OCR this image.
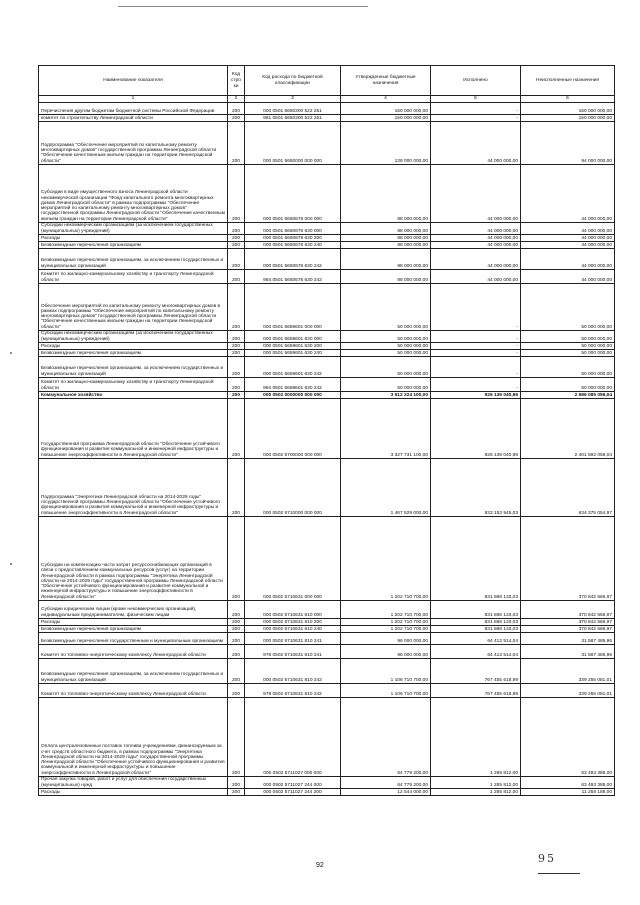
Наименование показателя	Код стро ки	Код расхода по бюджетной классификации	Утвержденные бюджетные назначения	Исполнено	Неисполненные назначения
1	2	3	4	5	6
Перечисления другим бюджетам бюджетной системы Российской Федерации	200	000 0501 5650300 522 251	150 000 000,00	-	150 000 000,00
комитет по строительству Ленинградской области	200	981 0501 5650300 522 251	150 000 000,00	-	150 000 000,00
Подпрограмма "Обеспечение мероприятий по капитальному ремонту многоквартирных домов" государственной программы Ленинградской области "Обеспечение качественным жильем граждан на территории Ленинградской области"	200	000 0501 5650000 000 000	138 000 000,00	44 000 000,00	94 000 000,00
Субсидии в виде имущественного взноса Ленинградской области некоммерческой организации "Фонд капитального ремонта многоквартирных домов Ленинградской области" в рамках подпрограммы "Обеспечение мероприятий по капитальному ремонту многоквартирных домов" государственной программы Ленинградской области "Обеспечение качественным жильем граждан на территории Ленинградской области"	200	000 0501 5650676 000 000	88 000 000,00	44 000 000,00	44 000 000,00
Субсидии некоммерческим организациям (за исключением государственных (муниципальных) учреждений)	200	000 0501 5650676 630 000	88 000 000,00	44 000 000,00	44 000 000,00
Расходы	200	000 0501 5650676 630 200	88 000 000,00	44 000 000,00	44 000 000,00
Безвозмездные перечисления организациям	200	000 0501 5650676 630 240	88 000 000,00	44 000 000,00	44 000 000,00
Безвозмездные перечисления организациям, за исключением государственных и муниципальных организаций	200	000 0501 5650676 630 242	88 000 000,00	44 000 000,00	44 000 000,00
Комитет по жилищно-коммунальному хозяйству и транспорту Ленинградской области	200	984 0501 5650676 630 242	88 000 000,00	44 000 000,00	44 000 000,00
Обеспечение мероприятий по капитальному ремонту многоквартирных домов в рамках подпрограммы "Обеспечение мероприятий по капитальному ремонту многоквартирных домов" государственной программы Ленинградской области "Обеспечение качественным жильем граждан на территории Ленинградской области"	200	000 0501 5659601 000 000	50 000 000,00	-	50 000 000,00
Субсидии некоммерческим организациям (за исключением государственных (муниципальных) учреждений)	200	000 0501 5659601 630 000	50 000 000,00	-	50 000 000,00
Расходы	200	000 0501 5659601 630 200	50 000 000,00	-	50 000 000,00
Безвозмездные перечисления организациям	200	000 0501 5659601 630 240	50 000 000,00	-	50 000 000,00
Безвозмездные перечисления организациям, за исключением государственных и муниципальных организаций	200	000 0501 5659601 630 242	50 000 000,00	-	50 000 000,00
Комитет по жилищно-коммунальному хозяйству и транспорту Ленинградской области	200	984 0501 5659601 630 242	50 000 000,00	-	50 000 000,00
Коммунальное хозяйство	200	000 0502 0000000 000 000	3 612 224 100,00	926 139 040,96	2 686 085 059,04
Государственная программа Ленинградской области "Обеспечение устойчивого функционирования и развития коммунальной и инженерной инфраструктуры и повышение энергоэффективности в Ленинградской области"	200	000 0502 5700000 000 000	3 327 731 100,00	926 139 040,96	2 401 592 059,04
Подпрограмма "Энергетика Ленинградской области на 2014-2029 годы" государственной программы Ленинградской области "Обеспечение устойчивого функционирования и развития коммунальной и инженерной инфраструктуры и повышение энергоэффективности в Ленинградской области"	200	000 0502 5710000 000 000	1 467 529 000,00	833 153 945,03	634 375 054,97
Субсидии на компенсацию части затрат ресурсоснабжающих организаций в связи с предоставлением коммунальных ресурсов (услуг) на территории Ленинградской области в рамках подпрограммы "Энергетика Ленинградской области на 2014-2029 годы" государственной программы Ленинградской области "Обеспечение устойчивого функционирования и развития коммунальной и инженерной инфраструктуры и повышение энергоэффективности в Ленинградской области"	200	000 0502 5710631 000 000	1 202 710 700,00	831 868 133,03	370 842 566,97
Субсидии юридическим лицам (кроме некоммерческих организаций), индивидуальным предпринимателям, физическим лицам	200	000 0502 5710631 810 000	1 202 710 700,00	831 868 133,03	370 842 566,97
Расходы	200	000 0502 5710631 810 200	1 202 710 700,00	831 868 133,03	370 842 566,97
Безвозмездные перечисления организациям	200	000 0502 5710631 810 240	1 202 710 700,00	831 868 133,03	370 842 566,97
Безвозмездные перечисления государственным и муниципальным организациям	200	000 0502 5710631 810 241	96 000 000,00	64 412 514,04	31 587 485,96
Комитет по топливно-энергетическому комплексу Ленинградской области	200	978 0502 5710631 810 241	96 000 000,00	64 412 514,04	31 587 485,96
Безвозмездные перечисления организациям, за исключением государственных и муниципальных организаций	200	000 0502 5710631 810 242	1 106 710 700,00	767 455 618,99	339 255 081,01
Комитет по топливно-энергетическому комплексу Ленинградской области	200	978 0502 5710631 810 242	1 106 710 700,00	767 455 618,99	339 255 081,01
Оплата централизованных поставок топлива учреждениями, финансируемым за счет средств областного бюджета, в рамках подпрограммы "Энергетика Ленинградской области на 2014-2029 годы" государственной программы Ленинградской области "Обеспечение устойчивого функционирования и развития коммунальной и инженерной инфраструктуры и повышение энергоэффективности в Ленинградской области"	200	000 0502 5711027 000 000	64 779 200,00	1 285 812,00	63 493 388,00
Прочая закупка товаров, работ и услуг для обеспечения государственных (муниципальных) нужд	200	000 0502 5711027 244 000	64 779 200,00	1 285 812,00	63 493 388,00
Расходы	200	000 0502 5711027 244 200	12 544 000,00	1 285 812,00	11 258 188,00
92
95
